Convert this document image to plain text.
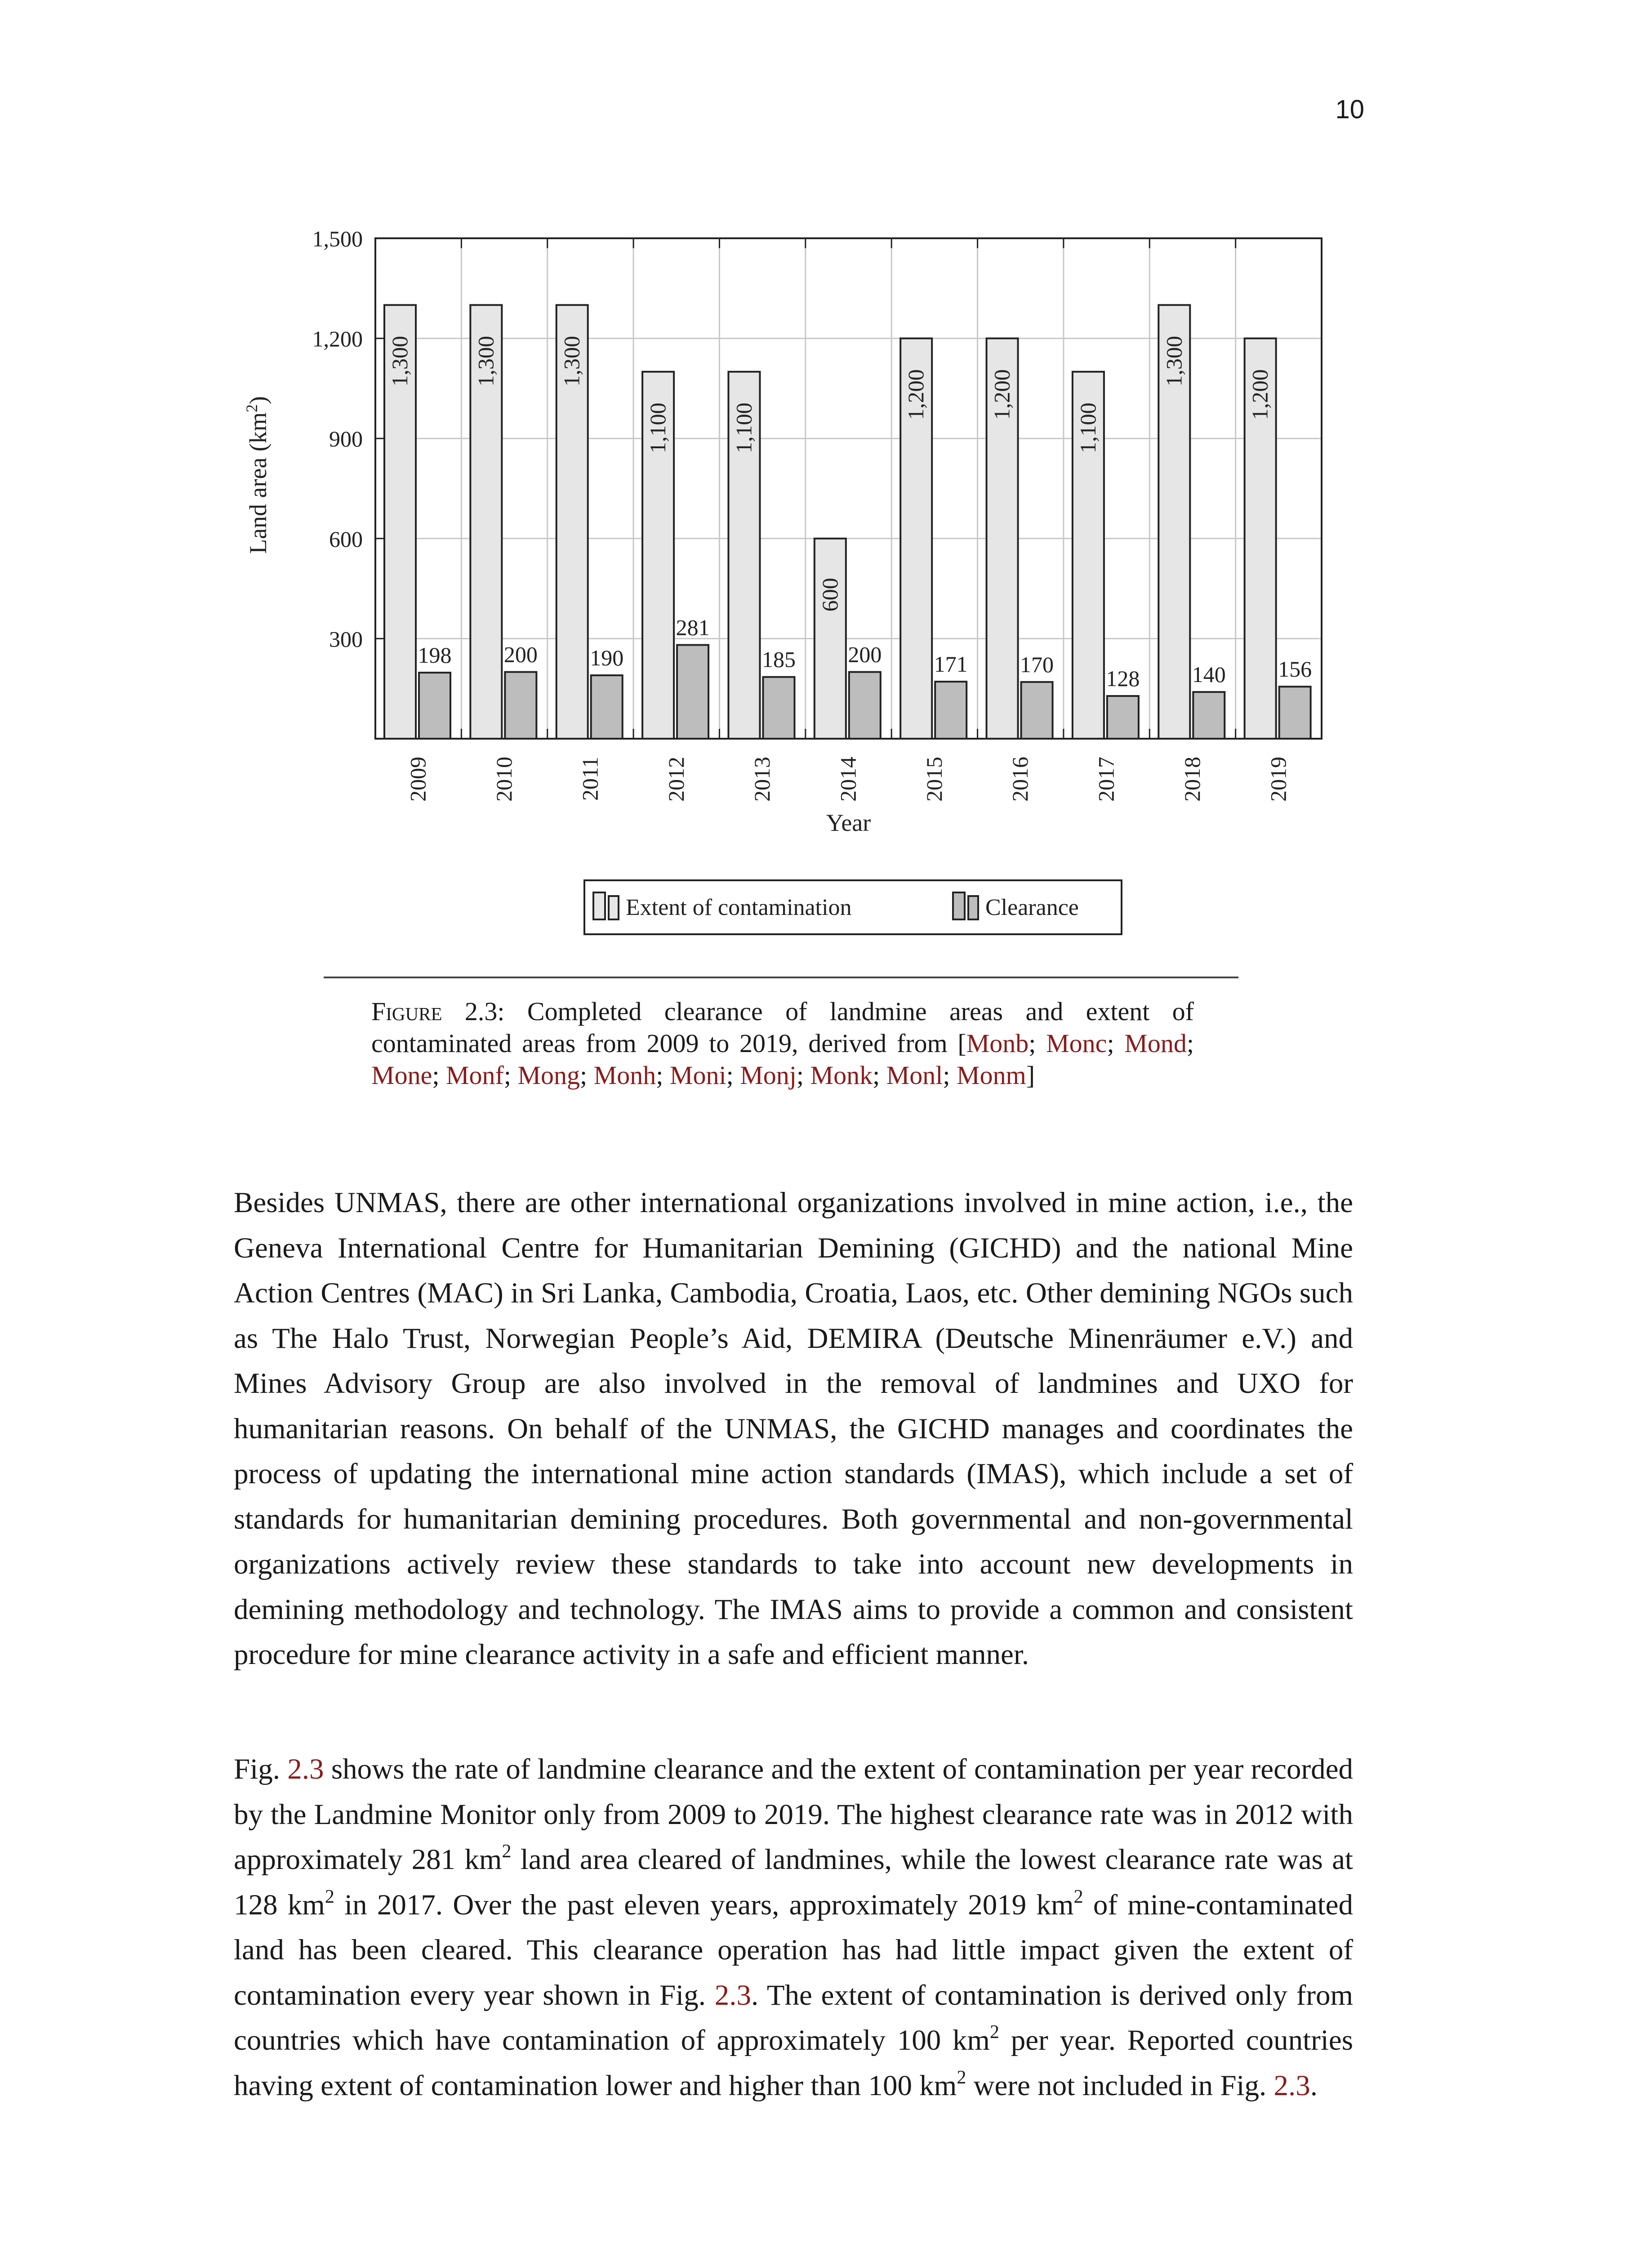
10
300
600
900
1,200
1,500
1,300
198
2009
1,300
200
2010
1,300
190
2011
1,100
281
2012
1,100
185
2013
600
200
2014
1,200
171
2015
1,200
170
2016
1,100
128
2017
1,300
140
2018
1,200
156
2019
Year
Land area $(km^2)$
Extent of contamination	Clearance
Figure 2.3: Completed clearance of landmine areas and extent of contaminated areas from 2009 to 2019, derived from [Monb; Monc; Mond; Mone; Monf; Mong; Monh; Moni; Monj; Monk; Monl; Monm]

Besides UNMAS, there are other international organizations involved in mine action, i.e., the Geneva International Centre for Humanitarian Demining (GICHD) and the national Mine Action Centres (MAC) in Sri Lanka, Cambodia, Croatia, Laos, etc. Other demining NGOs such as The Halo Trust, Norwegian People’s Aid, DEMIRA (Deutsche Minenräumer e.V.) and Mines Advisory Group are also involved in the removal of landmines and UXO for humanitarian reasons. On behalf of the UNMAS, the GICHD manages and coordinates the process of updating the international mine action standards (IMAS), which include a set of standards for humanitarian demining procedures. Both governmental and non-governmental organizations actively review these standards to take into account new developments in demining methodology and technology. The IMAS aims to provide a common and consistent procedure for mine clearance activity in a safe and efficient manner.

Fig. 2.3 shows the rate of landmine clearance and the extent of contamination per year recorded by the Landmine Monitor only from 2009 to 2019. The highest clearance rate was in 2012 with approximately 281 $km^2$ land area cleared of landmines, while the lowest clearance rate was at 128 $km^2$ in 2017. Over the past eleven years, approximately 2019 $km^2$ of mine-contaminated land has been cleared. This clearance operation has had little impact given the extent of contamination every year shown in Fig. 2.3. The extent of contamination is derived only from countries which have contamination of approximately 100 $km^2$ per year. Reported countries having extent of contamination lower and higher than 100 $km^2$ were not included in Fig. 2.3.
